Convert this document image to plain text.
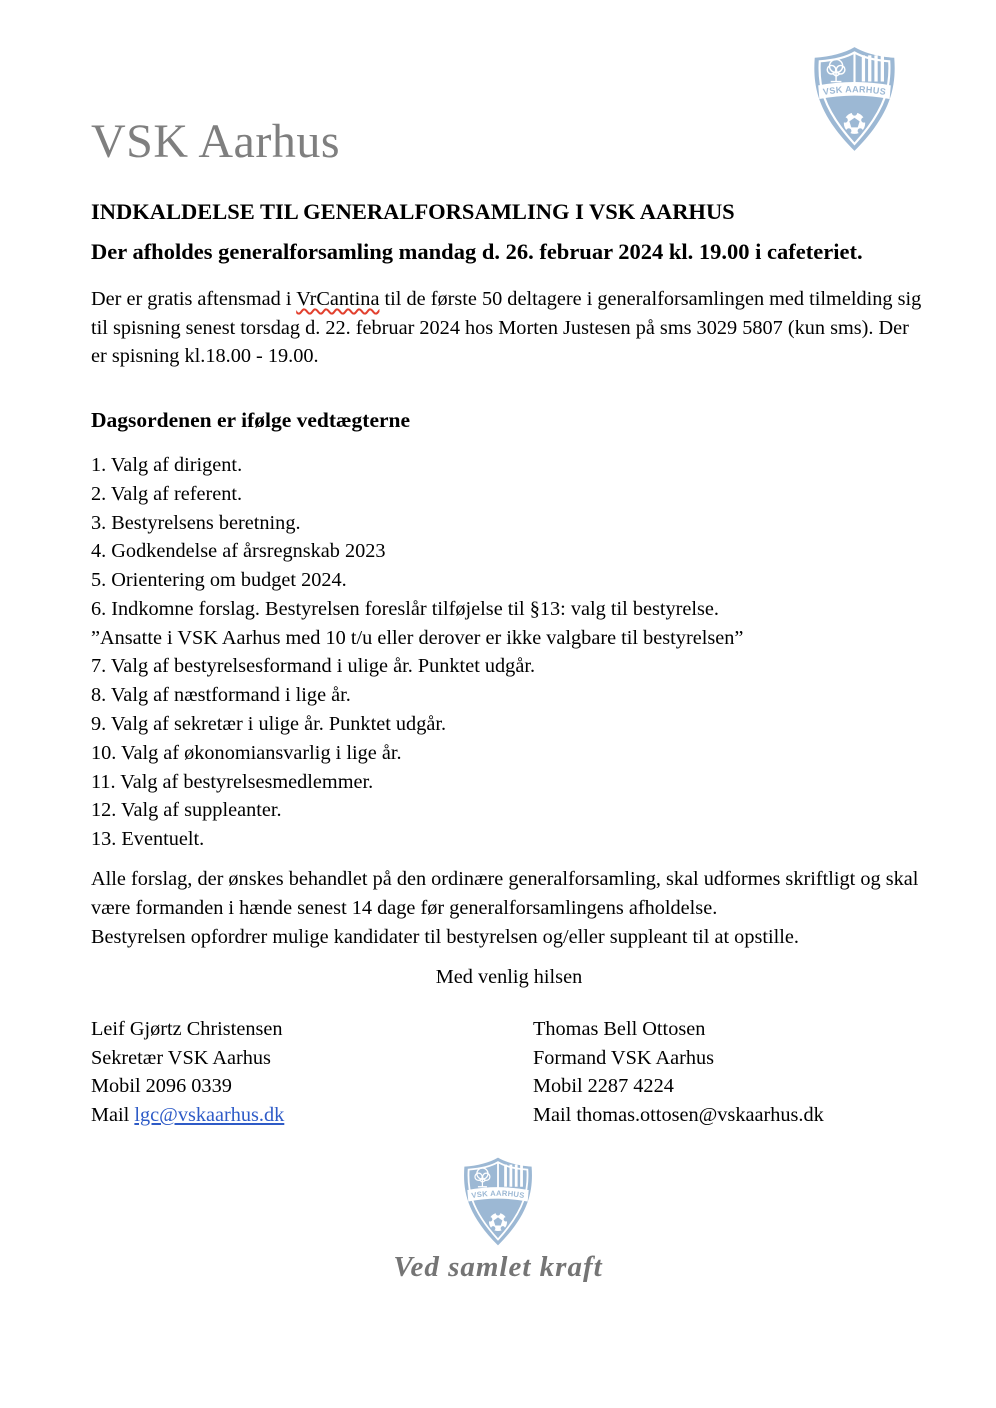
VSK AARHUS
VSK Aarhus

INDKALDELSE TIL GENERALFORSAMLING I VSK AARHUS

Der afholdes generalforsamling mandag d. 26. februar 2024 kl. 19.00 i cafeteriet.

Der er gratis aftensmad i VrCantina til de første 50 deltagere i generalforsamlingen med tilmelding sig til spisning senest torsdag d. 22. februar 2024 hos Morten Justesen på sms 3029 5807 (kun sms). Der er spisning kl.18.00 - 19.00.

Dagsordenen er ifølge vedtægterne

1. Valg af dirigent.
2. Valg af referent.
3. Bestyrelsens beretning.
4. Godkendelse af årsregnskab 2023
5. Orientering om budget 2024.
6. Indkomne forslag. Bestyrelsen foreslår tilføjelse til §13: valg til bestyrelse.
”Ansatte i VSK Aarhus med 10 t/u eller derover er ikke valgbare til bestyrelsen”
7. Valg af bestyrelsesformand i ulige år. Punktet udgår.
8. Valg af næstformand i lige år.
9. Valg af sekretær i ulige år. Punktet udgår.
10. Valg af økonomiansvarlig i lige år.
11. Valg af bestyrelsesmedlemmer.
12. Valg af suppleanter.
13. Eventuelt.
Alle forslag, der ønskes behandlet på den ordinære generalforsamling, skal udformes skriftligt og skal være formanden i hænde senest 14 dage før generalforsamlingens afholdelse.
Bestyrelsen opfordrer mulige kandidater til bestyrelsen og/eller suppleant til at opstille.

Med venlig hilsen

Leif Gjørtz Christensen
Sekretær VSK Aarhus
Mobil 2096 0339
Mail lgc@vskaarhus.dk
Thomas Bell Ottosen
Formand VSK Aarhus
Mobil 2287 4224
Mail thomas.ottosen@vskaarhus.dk
VSK AARHUS
Ved samlet kraft
